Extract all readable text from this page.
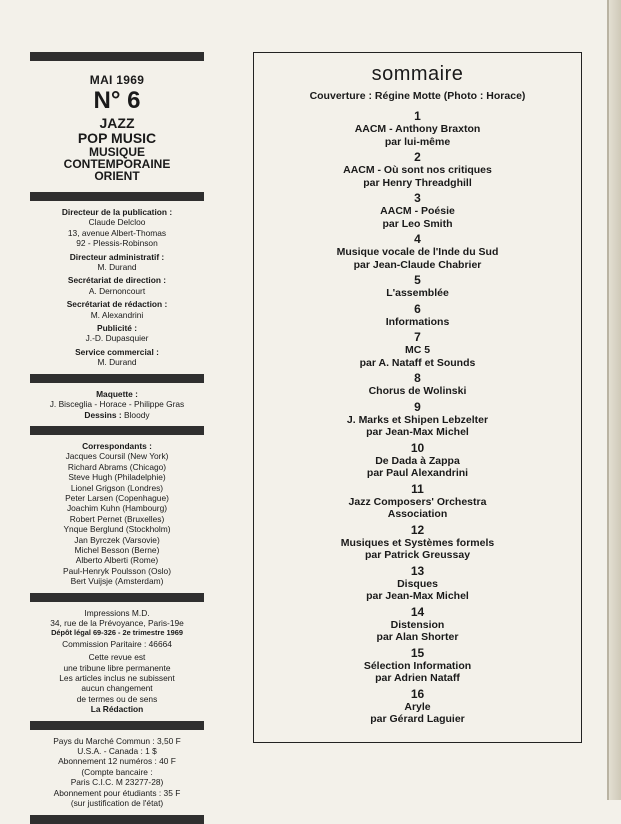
MAI 1969
N° 6
JAZZ
POP MUSIC
MUSIQUE
CONTEMPORAINE
ORIENT
Directeur de la publication :
Claude Delcloo
13, avenue Albert-Thomas
92 - Plessis-Robinson
Directeur administratif :
M. Durand
Secrétariat de direction :
A. Dernoncourt
Secrétariat de rédaction :
M. Alexandrini
Publicité :
J.-D. Dupasquier
Service commercial :
M. Durand
Maquette :
J. Bisceglia - Horace - Philippe Gras
Dessins : Bloody
Correspondants :
Jacques Coursil (New York)
Richard Abrams (Chicago)
Steve Hugh (Philadelphie)
Lionel Grigson (Londres)
Peter Larsen (Copenhague)
Joachim Kuhn (Hambourg)
Robert Pernet (Bruxelles)
Ynque Berglund (Stockholm)
Jan Byrczek (Varsovie)
Michel Besson (Berne)
Alberto Alberti (Rome)
Paul-Henryk Poulsson (Oslo)
Bert Vuijsje (Amsterdam)
Impressions M.D.
34, rue de la Prévoyance, Paris-19e
Dépôt légal 69-326 - 2e trimestre 1969
Commission Paritaire : 46664
Cette revue est
une tribune libre permanente
Les articles inclus ne subissent
aucun changement
de termes ou de sens
La Rédaction
Pays du Marché Commun : 3,50 F
U.S.A. - Canada : 1 $
Abonnement 12 numéros : 40 F
(Compte bancaire :
Paris C.I.C. M 23277-28)
Abonnement pour étudiants : 35 F
(sur justification de l'état)
sommaire
Couverture : Régine Motte (Photo : Horace)
1
AACM - Anthony Braxton
par lui-même
2
AACM - Où sont nos critiques
par Henry Threadghill
3
AACM - Poésie
par Leo Smith
4
Musique vocale de l'Inde du Sud
par Jean-Claude Chabrier
5
L'assemblée
6
Informations
7
MC 5
par A. Nataff et Sounds
8
Chorus de Wolinski
9
J. Marks et Shipen Lebzelter
par Jean-Max Michel
10
De Dada à Zappa
par Paul Alexandrini
11
Jazz Composers' Orchestra
Association
12
Musiques et Systèmes formels
par Patrick Greussay
13
Disques
par Jean-Max Michel
14
Distension
par Alan Shorter
15
Sélection Information
par Adrien Nataff
16
Aryle
par Gérard Laguier
